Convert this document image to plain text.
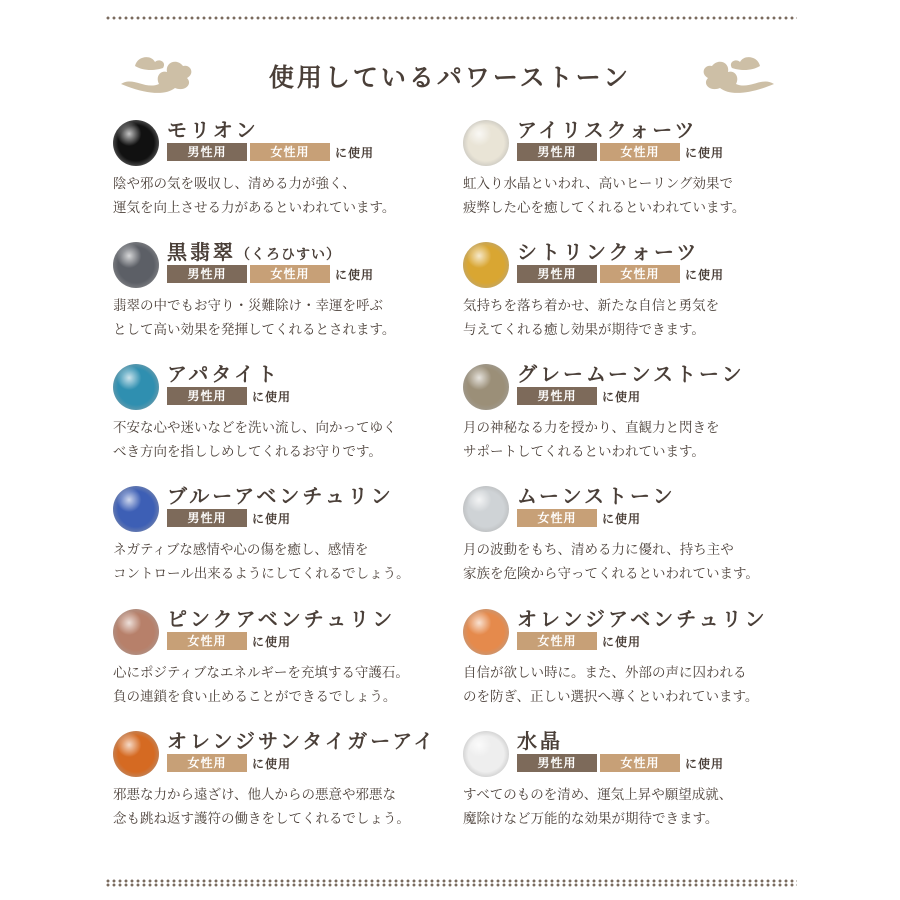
使用しているパワーストーン
モリオン
男性用	女性用	に使用
陰や邪の気を吸収し、清める力が強く、
運気を向上させる力があるといわれています。
アイリスクォーツ
男性用	女性用	に使用
虹入り水晶といわれ、高いヒーリング効果で
疲弊した心を癒してくれるといわれています。
黒翡翠（くろひすい）
男性用	女性用	に使用
翡翠の中でもお守り・災難除け・幸運を呼ぶ
として高い効果を発揮してくれるとされます。
シトリンクォーツ
男性用	女性用	に使用
気持ちを落ち着かせ、新たな自信と勇気を
与えてくれる癒し効果が期待できます。
アパタイト
男性用	に使用
不安な心や迷いなどを洗い流し、向かってゆく
べき方向を指ししめしてくれるお守りです。
グレームーンストーン
男性用	に使用
月の神秘なる力を授かり、直観力と閃きを
サポートしてくれるといわれています。
ブルーアベンチュリン
男性用	に使用
ネガティブな感情や心の傷を癒し、感情を
コントロール出来るようにしてくれるでしょう。
ムーンストーン
女性用	に使用
月の波動をもち、清める力に優れ、持ち主や
家族を危険から守ってくれるといわれています。
ピンクアベンチュリン
女性用	に使用
心にポジティブなエネルギーを充填する守護石。
負の連鎖を食い止めることができるでしょう。
オレンジアベンチュリン
女性用	に使用
自信が欲しい時に。また、外部の声に囚われる
のを防ぎ、正しい選択へ導くといわれています。
オレンジサンタイガーアイ
女性用	に使用
邪悪な力から遠ざけ、他人からの悪意や邪悪な
念も跳ね返す護符の働きをしてくれるでしょう。
水晶
男性用	女性用	に使用
すべてのものを清め、運気上昇や願望成就、
魔除けなど万能的な効果が期待できます。
